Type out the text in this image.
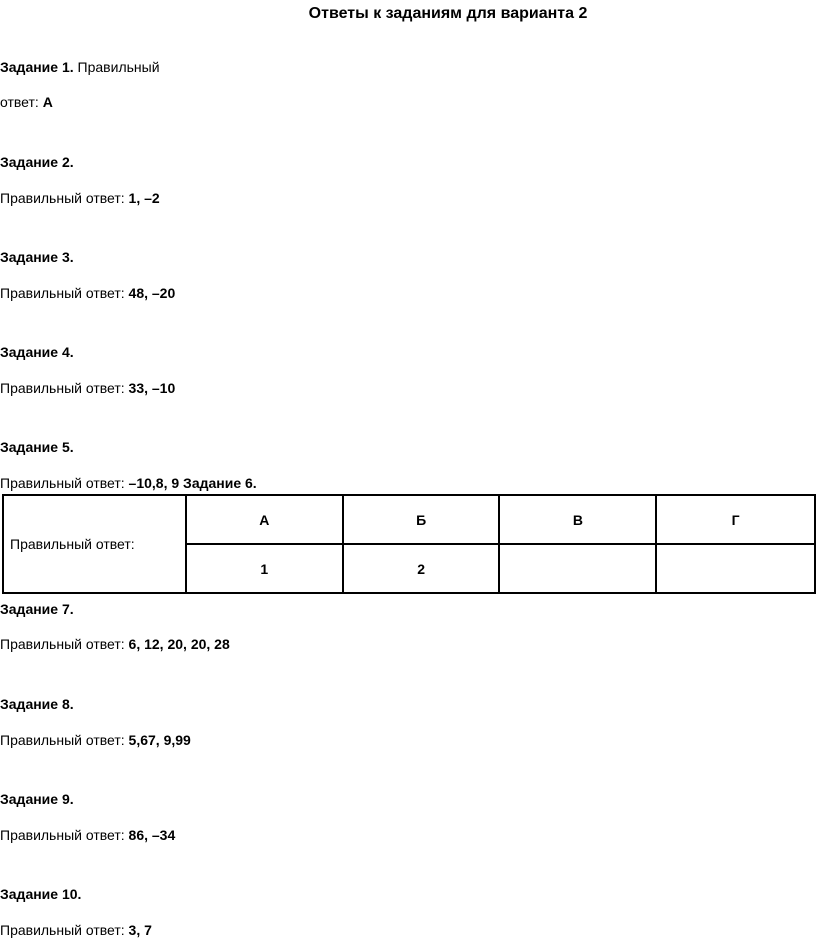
Ответы к заданиям для варианта 2
Задание 1. Правильный
ответ: А
Задание 2.
Правильный ответ: 1, –2
Задание 3.
Правильный ответ: 48, –20
Задание 4.
Правильный ответ: 33, –10
Задание 5.
Правильный ответ: –10,8, 9 Задание 6.
Правильный ответ:	А	Б	В	Г
	1	2		
Задание 7.
Правильный ответ: 6, 12, 20, 20, 28
Задание 8.
Правильный ответ: 5,67, 9,99
Задание 9.
Правильный ответ: 86, –34
Задание 10.
Правильный ответ: 3, 7
